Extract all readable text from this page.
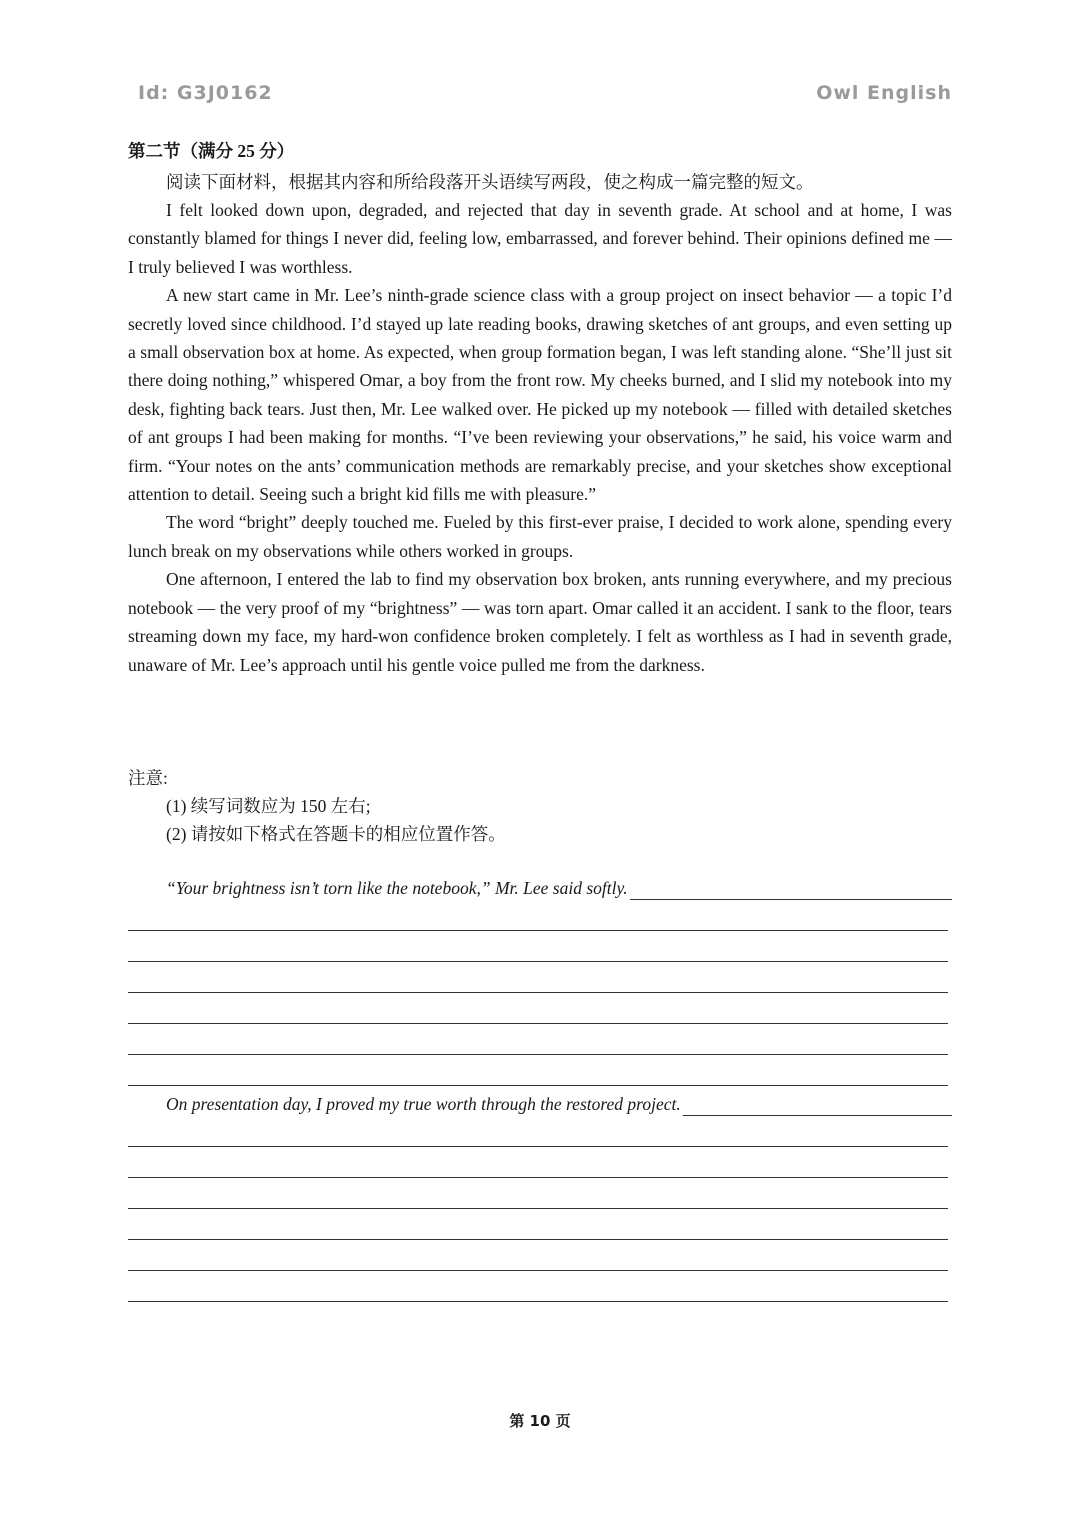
Id: G3J0162	Owl English

第二节（满分 25 分）

阅读下面材料，根据其内容和所给段落开头语续写两段，使之构成一篇完整的短文。

I felt looked down upon, degraded, and rejected that day in seventh grade. At school and at home, I was constantly blamed for things I never did, feeling low, embarrassed, and forever behind. Their opinions defined me — I truly believed I was worthless.

A new start came in Mr. Lee’s ninth-grade science class with a group project on insect behavior — a topic I’d secretly loved since childhood. I’d stayed up late reading books, drawing sketches of ant groups, and even setting up a small observation box at home. As expected, when group formation began, I was left standing alone. “She’ll just sit there doing nothing,” whispered Omar, a boy from the front row. My cheeks burned, and I slid my notebook into my desk, fighting back tears. Just then, Mr. Lee walked over. He picked up my notebook — filled with detailed sketches of ant groups I had been making for months. “I’ve been reviewing your observations,” he said, his voice warm and firm. “Your notes on the ants’ communication methods are remarkably precise, and your sketches show exceptional attention to detail. Seeing such a bright kid fills me with pleasure.”

The word “bright” deeply touched me. Fueled by this first-ever praise, I decided to work alone, spending every lunch break on my observations while others worked in groups.

One afternoon, I entered the lab to find my observation box broken, ants running everywhere, and my precious notebook — the very proof of my “brightness” — was torn apart. Omar called it an accident. I sank to the floor, tears streaming down my face, my hard-won confidence broken completely. I felt as worthless as I had in seventh grade, unaware of Mr. Lee’s approach until his gentle voice pulled me from the darkness.

注意:

(1) 续写词数应为 150 左右;

(2) 请按如下格式在答题卡的相应位置作答。

“Your brightness isn’t torn like the notebook,” Mr. Lee said softly.
On presentation day, I proved my true worth through the restored project.
第 10 页
